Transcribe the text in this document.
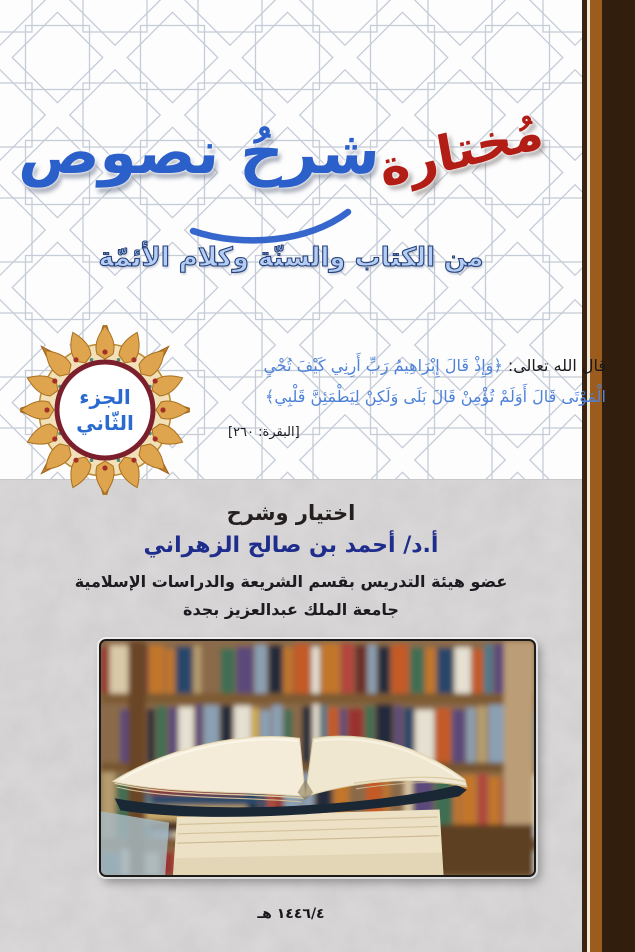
مُختارةشرحُ نصوص
من الكتاب والسنّة وكلام الأئمّة
الجزء
الثّاني
قال الله تعالى: ﴿وَإِذْ قَالَ إِبْرَاهِيمُ رَبِّ أَرِنِي كَيْفَ تُحْيِ
الْمَوْتَى قَالَ أَوَلَمْ تُؤْمِنْ قَالَ بَلَى وَلَكِنْ لِيَطْمَئِنَّ قَلْبِي﴾
[البقرة: ٢٦٠]
اختيار وشرح
أ.د/ أحمد بن صالح الزهراني
عضو هيئة التدريس بقسم الشريعة والدراسات الإسلامية
جامعة الملك عبدالعزيز بجدة
١٤٤٦/٤ هـ
